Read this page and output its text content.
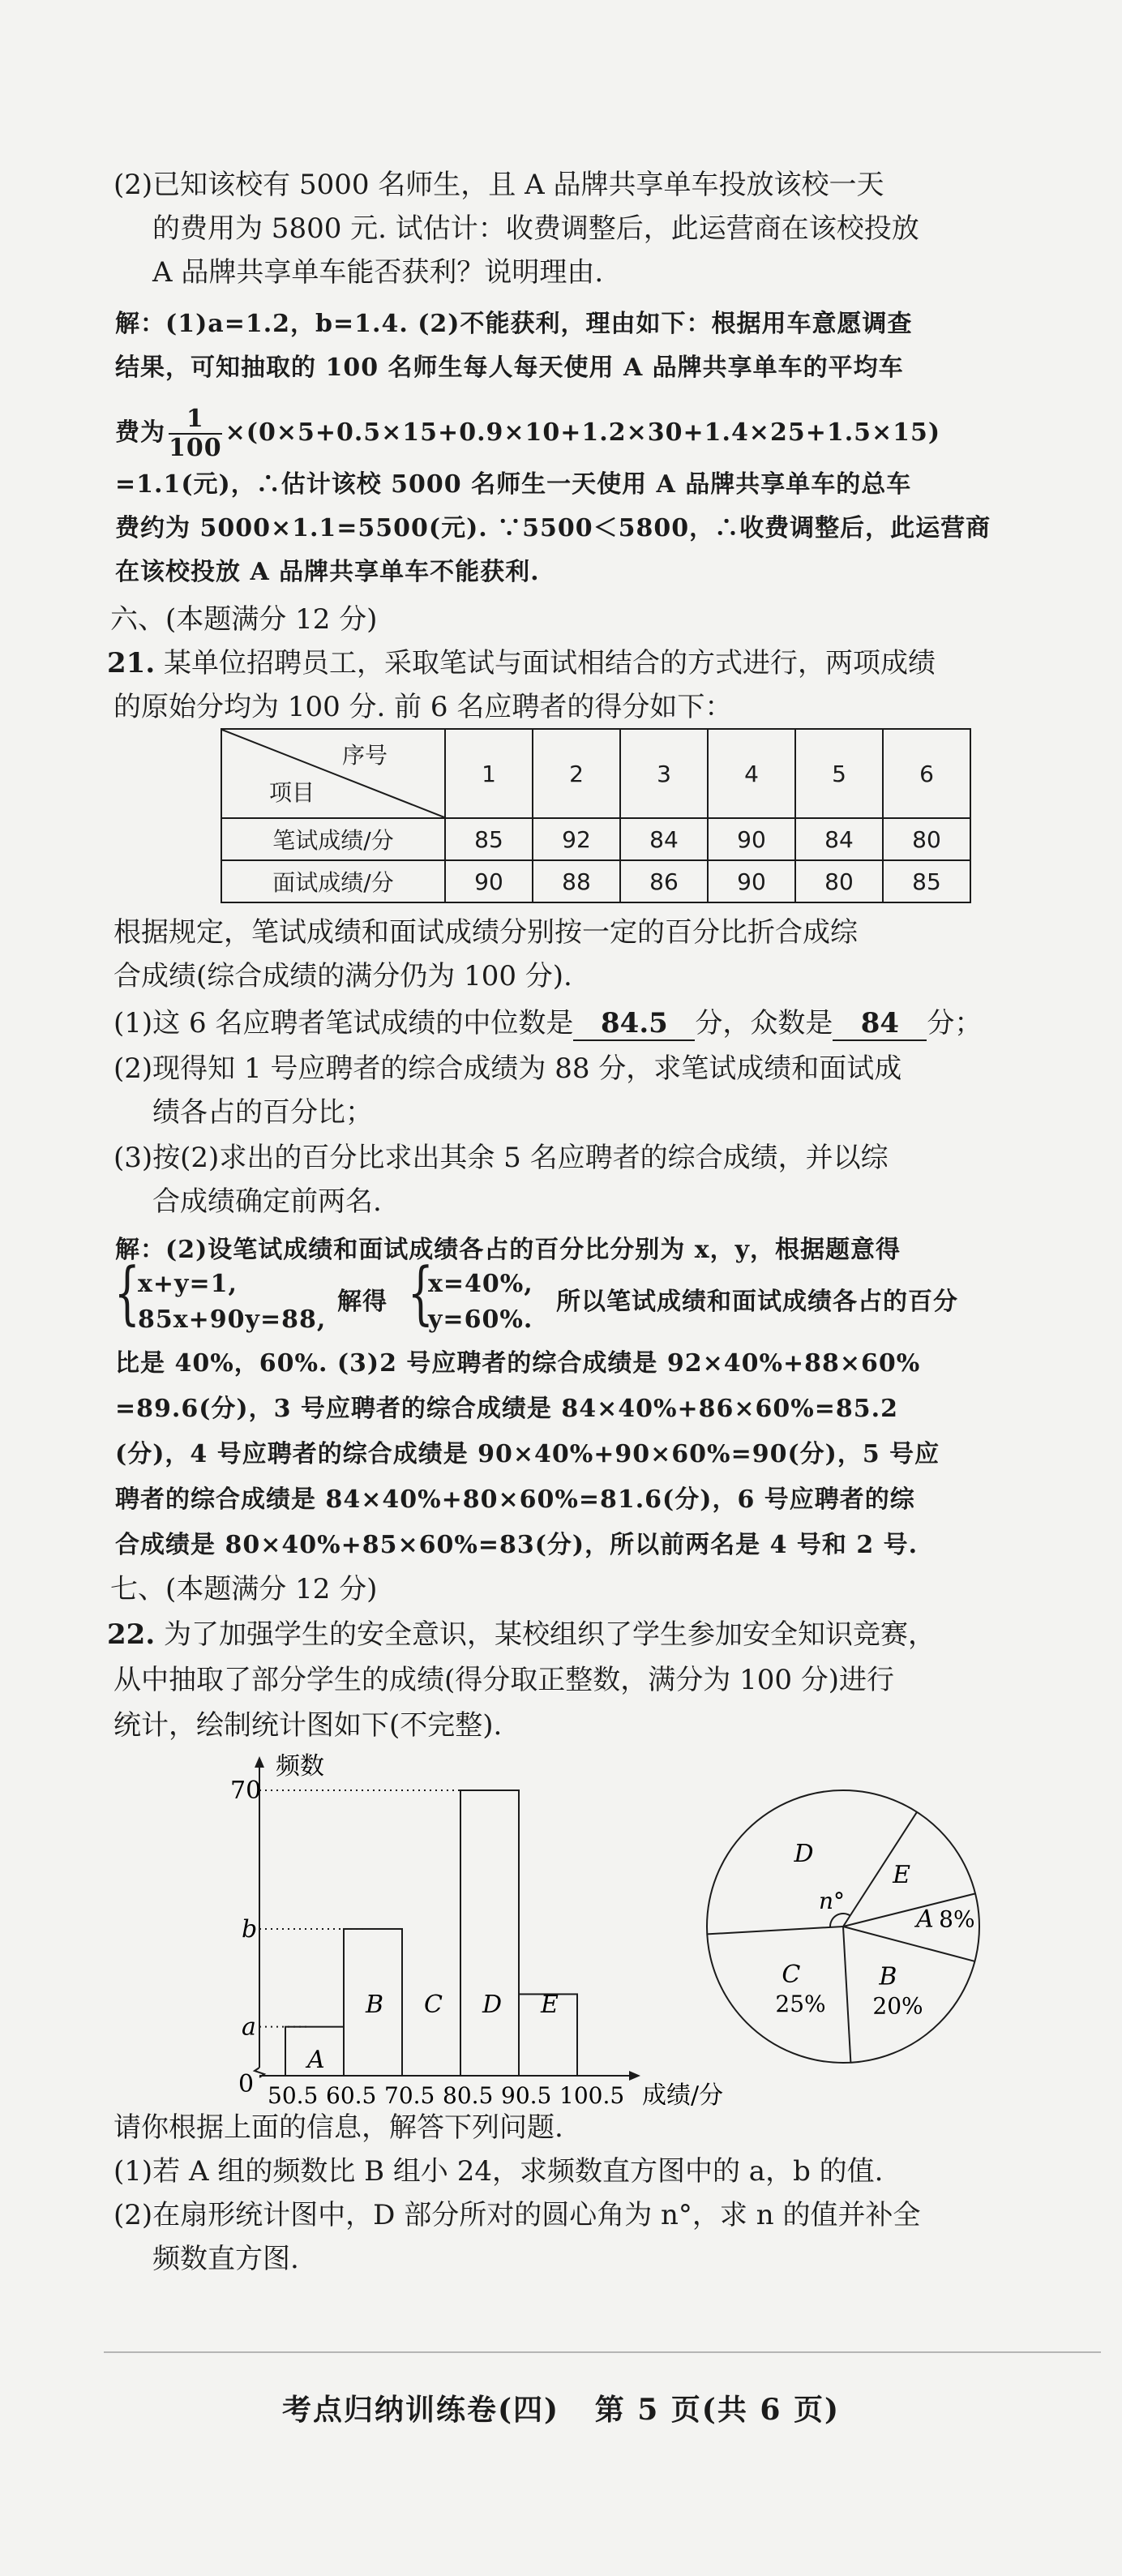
(2)已知该校有 5000 名师生，且 A 品牌共享单车投放该校一天
的费用为 5800 元. 试估计：收费调整后，此运营商在该校投放
A 品牌共享单车能否获利？说明理由.
解：(1)a=1.2，b=1.4. (2)不能获利，理由如下：根据用车意愿调查
结果，可知抽取的 100 名师生每人每天使用 A 品牌共享单车的平均车
费为 $\frac{1}{100} \times(0\times 5+0.5\times 15+0.9\times 10+1.2\times 30+1.4\times 25+1.5\times 15)$
=1.1(元)，∴估计该校 5000 名师生一天使用 A 品牌共享单车的总车
费约为 5000×1.1=5500(元). ∵5500＜5800，∴收费调整后，此运营商
在该校投放 A 品牌共享单车不能获利.
六、(本题满分 12 分)
21. 某单位招聘员工，采取笔试与面试相结合的方式进行，两项成绩
的原始分均为 100 分. 前 6 名应聘者的得分如下：
序号
项目	1	2	3	4	5	6
笔试成绩/分	85	92	84	90	84	80
面试成绩/分	90	88	86	90	80	85
根据规定，笔试成绩和面试成绩分别按一定的百分比折合成综
合成绩(综合成绩的满分仍为 100 分).
(1)这 6 名应聘者笔试成绩的中位数是 84.5 分，众数是 84 分；
(2)现得知 1 号应聘者的综合成绩为 88 分，求笔试成绩和面试成
绩各占的百分比；
(3)按(2)求出的百分比求出其余 5 名应聘者的综合成绩，并以综
合成绩确定前两名.
解：(2)设笔试成绩和面试成绩各占的百分比分别为 x，y，根据题意得
{
x+y=1,
85x+90y=88,
解得 {
x=40%,
y=60%.
所以笔试成绩和面试成绩各占的百分
比是 40%，60%. (3)2 号应聘者的综合成绩是 92×40%+88×60%
=89.6(分)，3 号应聘者的综合成绩是 84×40%+86×60%=85.2
(分)，4 号应聘者的综合成绩是 90×40%+90×60%=90(分)，5 号应
聘者的综合成绩是 84×40%+80×60%=81.6(分)，6 号应聘者的综
合成绩是 80×40%+85×60%=83(分)，所以前两名是 4 号和 2 号.
七、(本题满分 12 分)
22. 为了加强学生的安全意识，某校组织了学生参加安全知识竞赛，
从中抽取了部分学生的成绩(得分取正整数，满分为 100 分)进行
统计，绘制统计图如下(不完整).
频数
成绩/分
0 50.5 60.5 70.5 80.5 90.5 100.5
a
b
70
A
B C D E
A 8%
B
20%
C
25%
D
E
n°
请你根据上面的信息，解答下列问题.
(1)若 A 组的频数比 B 组小 24，求频数直方图中的 a，b 的值.
(2)在扇形统计图中，D 部分所对的圆心角为 n°，求 n 的值并补全
频数直方图.
考点归纳训练卷(四) 第 5 页(共 6 页)
